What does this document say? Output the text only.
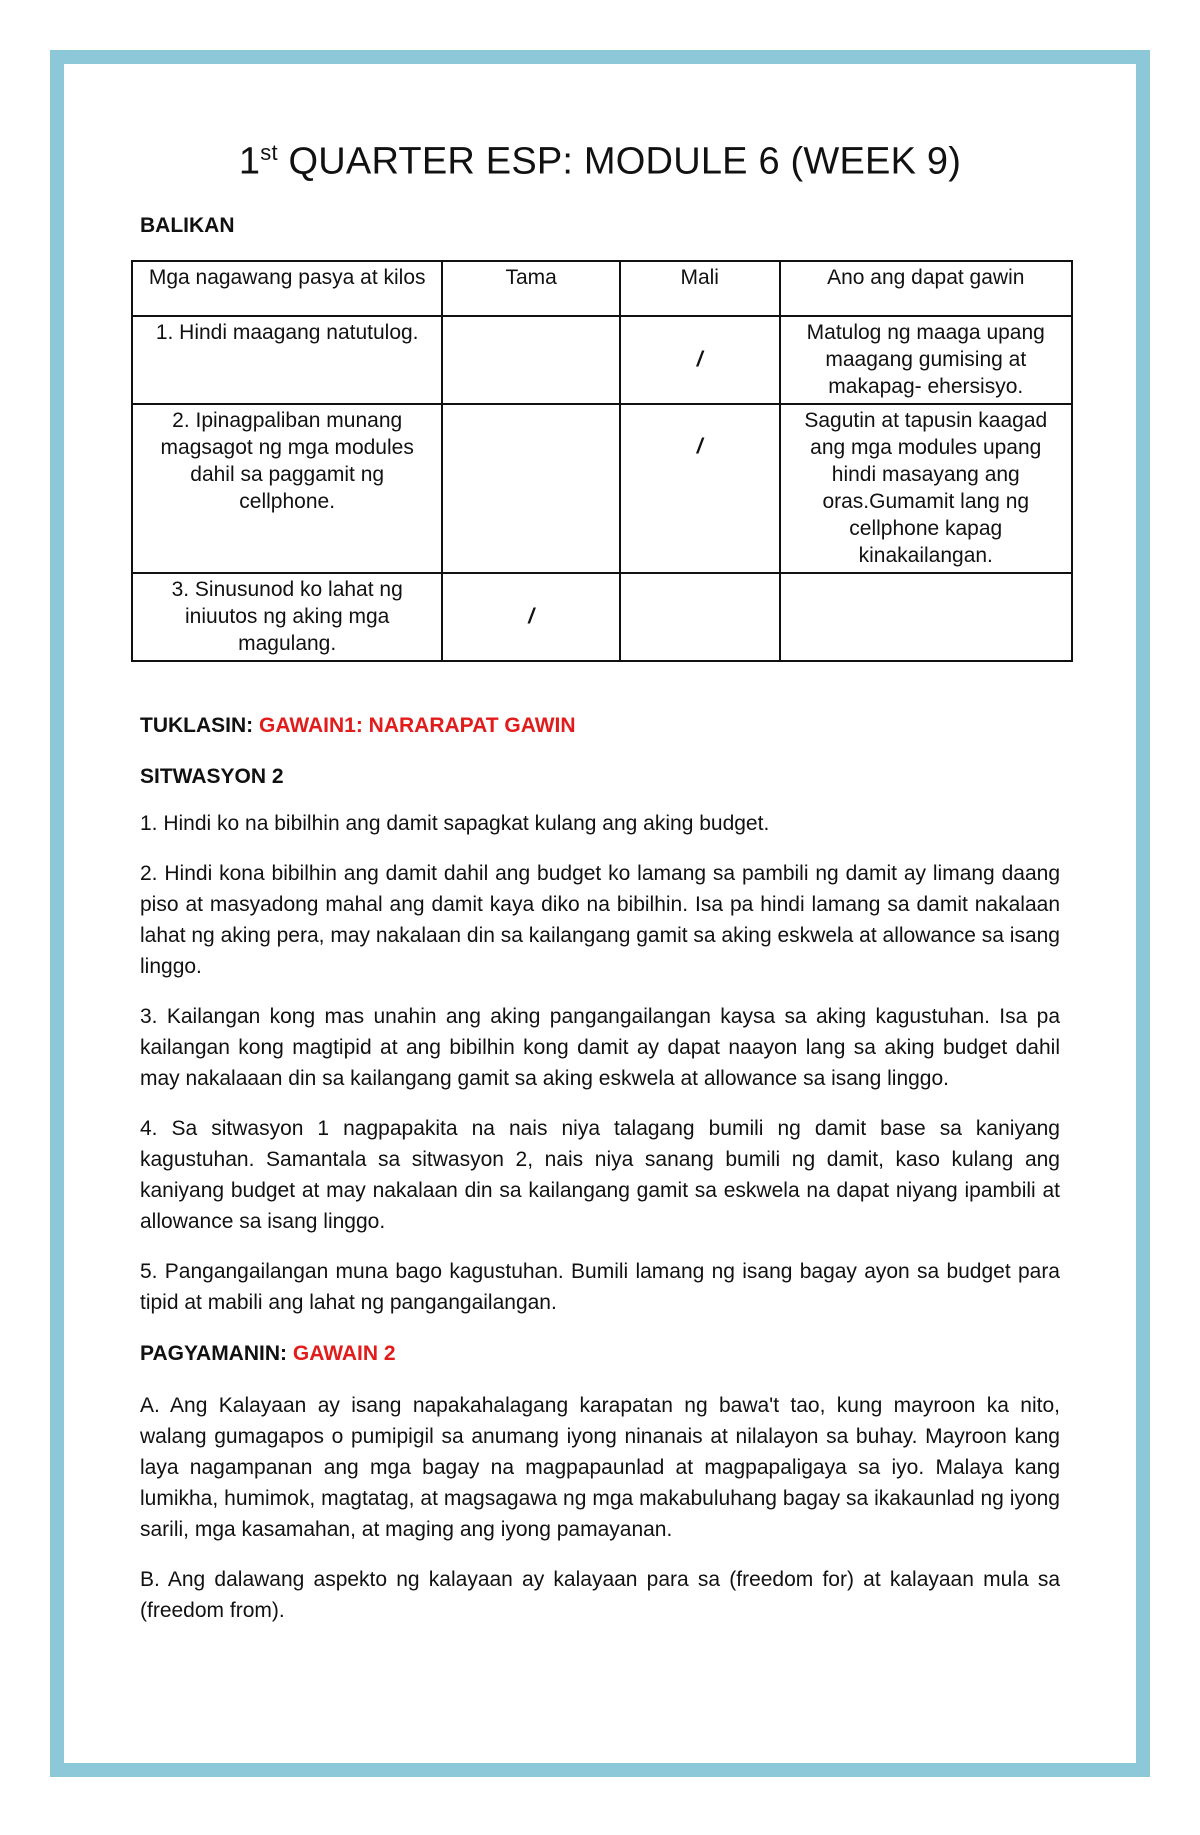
1st QUARTER ESP: MODULE 6 (WEEK 9)

BALIKAN

Mga nagawang pasya at kilos	Tama	Mali	Ano ang dapat gawin
1. Hindi maagang natutulog.		/	Matulog ng maaga upang maagang gumising at makapag- ehersisyo.
2. Ipinagpaliban munang magsagot ng mga modules dahil sa paggamit ng cellphone.		/	Sagutin at tapusin kaagad ang mga modules upang hindi masayang ang oras.Gumamit lang ng cellphone kapag kinakailangan.
3. Sinusunod ko lahat ng iniuutos ng aking mga magulang.	/		

TUKLASIN: GAWAIN1: NARARAPAT GAWIN

SITWASYON 2

1. Hindi ko na bibilhin ang damit sapagkat kulang ang aking budget.

2. Hindi kona bibilhin ang damit dahil ang budget ko lamang sa pambili ng damit ay limang daang piso at masyadong mahal ang damit kaya diko na bibilhin. Isa pa hindi lamang sa damit nakalaan lahat ng aking pera, may nakalaan din sa kailangang gamit sa aking eskwela at allowance sa isang linggo.

3. Kailangan kong mas unahin ang aking pangangailangan kaysa sa aking kagustuhan. Isa pa kailangan kong magtipid at ang bibilhin kong damit ay dapat naayon lang sa aking budget dahil may nakalaaan din sa kailangang gamit sa aking eskwela at allowance sa isang linggo.

4. Sa sitwasyon 1 nagpapakita na nais niya talagang bumili ng damit base sa kaniyang kagustuhan. Samantala sa sitwasyon 2, nais niya sanang bumili ng damit, kaso kulang ang kaniyang budget at may nakalaan din sa kailangang gamit sa eskwela na dapat niyang ipambili at allowance sa isang linggo.

5. Pangangailangan muna bago kagustuhan. Bumili lamang ng isang bagay ayon sa budget para tipid at mabili ang lahat ng pangangailangan.

PAGYAMANIN: GAWAIN 2

A. Ang Kalayaan ay isang napakahalagang karapatan ng bawa't tao, kung mayroon ka nito, walang gumagapos o pumipigil sa anumang iyong ninanais at nilalayon sa buhay. Mayroon kang laya nagampanan ang mga bagay na magpapaunlad at magpapaligaya sa iyo. Malaya kang lumikha, humimok, magtatag, at magsagawa ng mga makabuluhang bagay sa ikakaunlad ng iyong sarili, mga kasamahan, at maging ang iyong pamayanan.

B. Ang dalawang aspekto ng kalayaan ay kalayaan para sa (freedom for) at kalayaan mula sa (freedom from).
